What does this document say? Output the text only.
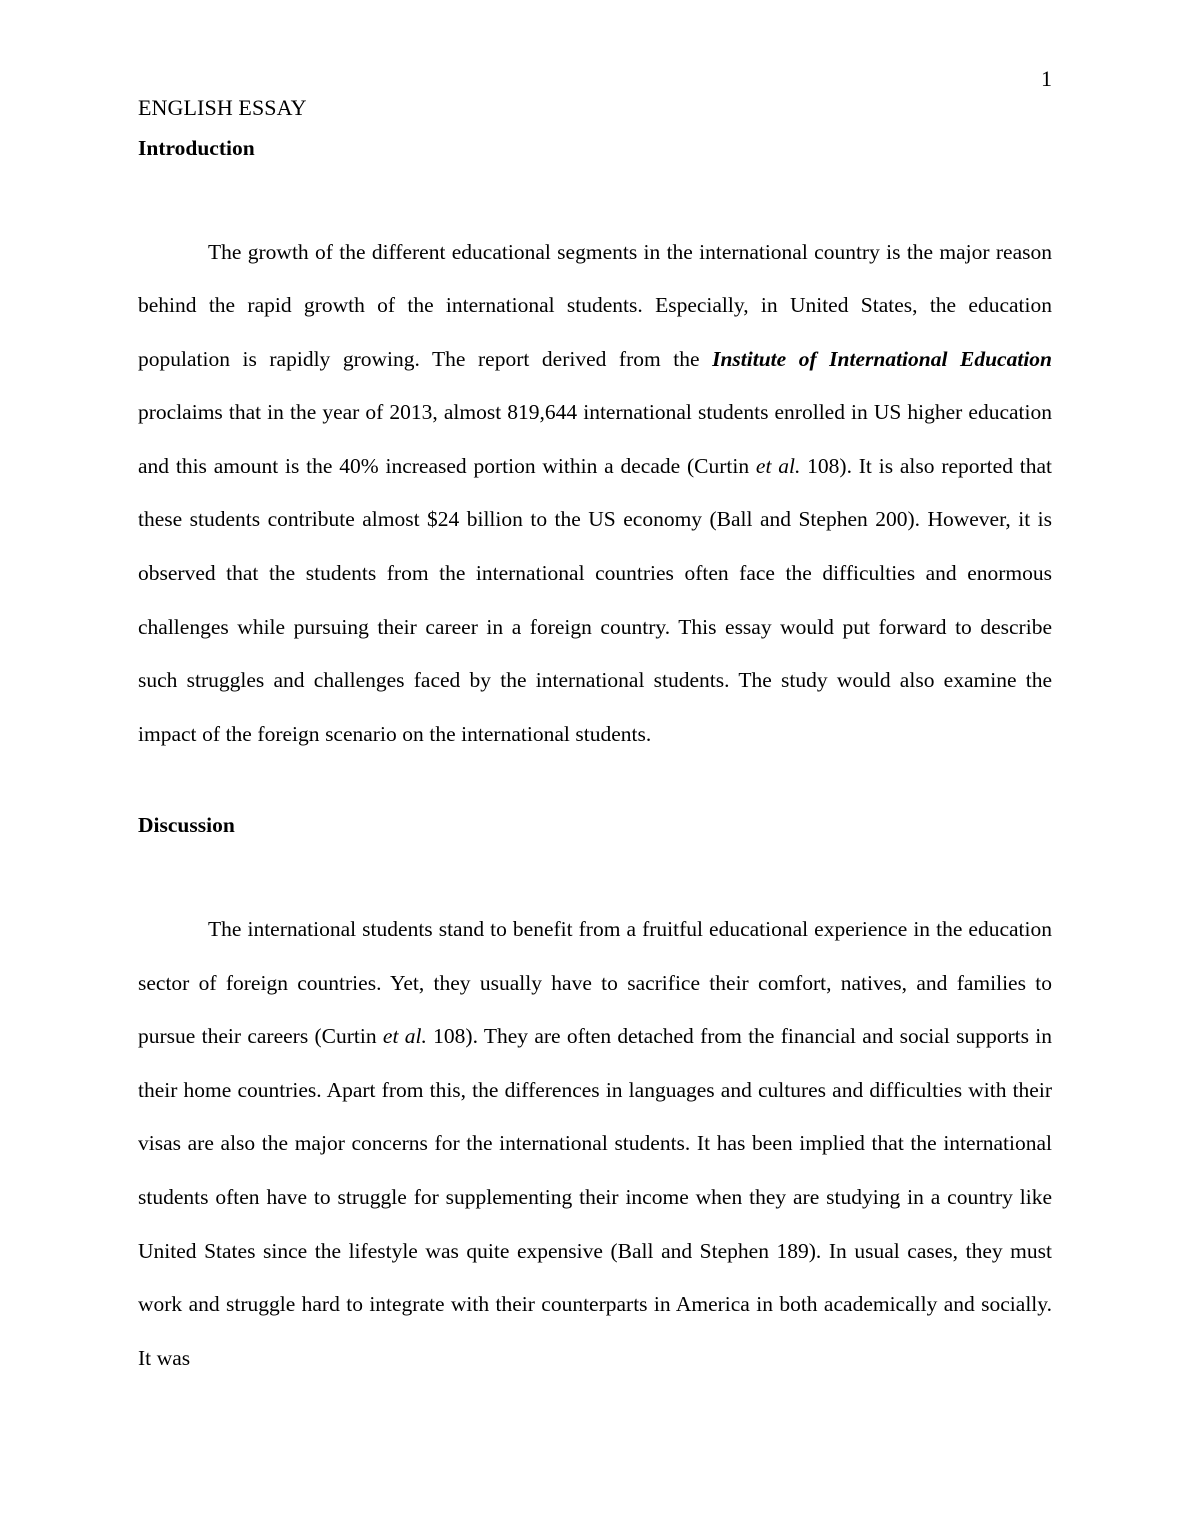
1
ENGLISH ESSAY
Introduction

The growth of the different educational segments in the international country is the major reason behind the rapid growth of the international students. Especially, in United States, the education population is rapidly growing. The report derived from the Institute of International Education proclaims that in the year of 2013, almost 819,644 international students enrolled in US higher education and this amount is the 40% increased portion within a decade (Curtin et al. 108). It is also reported that these students contribute almost $24 billion to the US economy (Ball and Stephen 200). However, it is observed that the students from the international countries often face the difficulties and enormous challenges while pursuing their career in a foreign country. This essay would put forward to describe such struggles and challenges faced by the international students. The study would also examine the impact of the foreign scenario on the international students.

Discussion

The international students stand to benefit from a fruitful educational experience in the education sector of foreign countries. Yet, they usually have to sacrifice their comfort, natives, and families to pursue their careers (Curtin et al. 108). They are often detached from the financial and social supports in their home countries. Apart from this, the differences in languages and cultures and difficulties with their visas are also the major concerns for the international students. It has been implied that the international students often have to struggle for supplementing their income when they are studying in a country like United States since the lifestyle was quite expensive (Ball and Stephen 189). In usual cases, they must work and struggle hard to integrate with their counterparts in America in both academically and socially. It was
